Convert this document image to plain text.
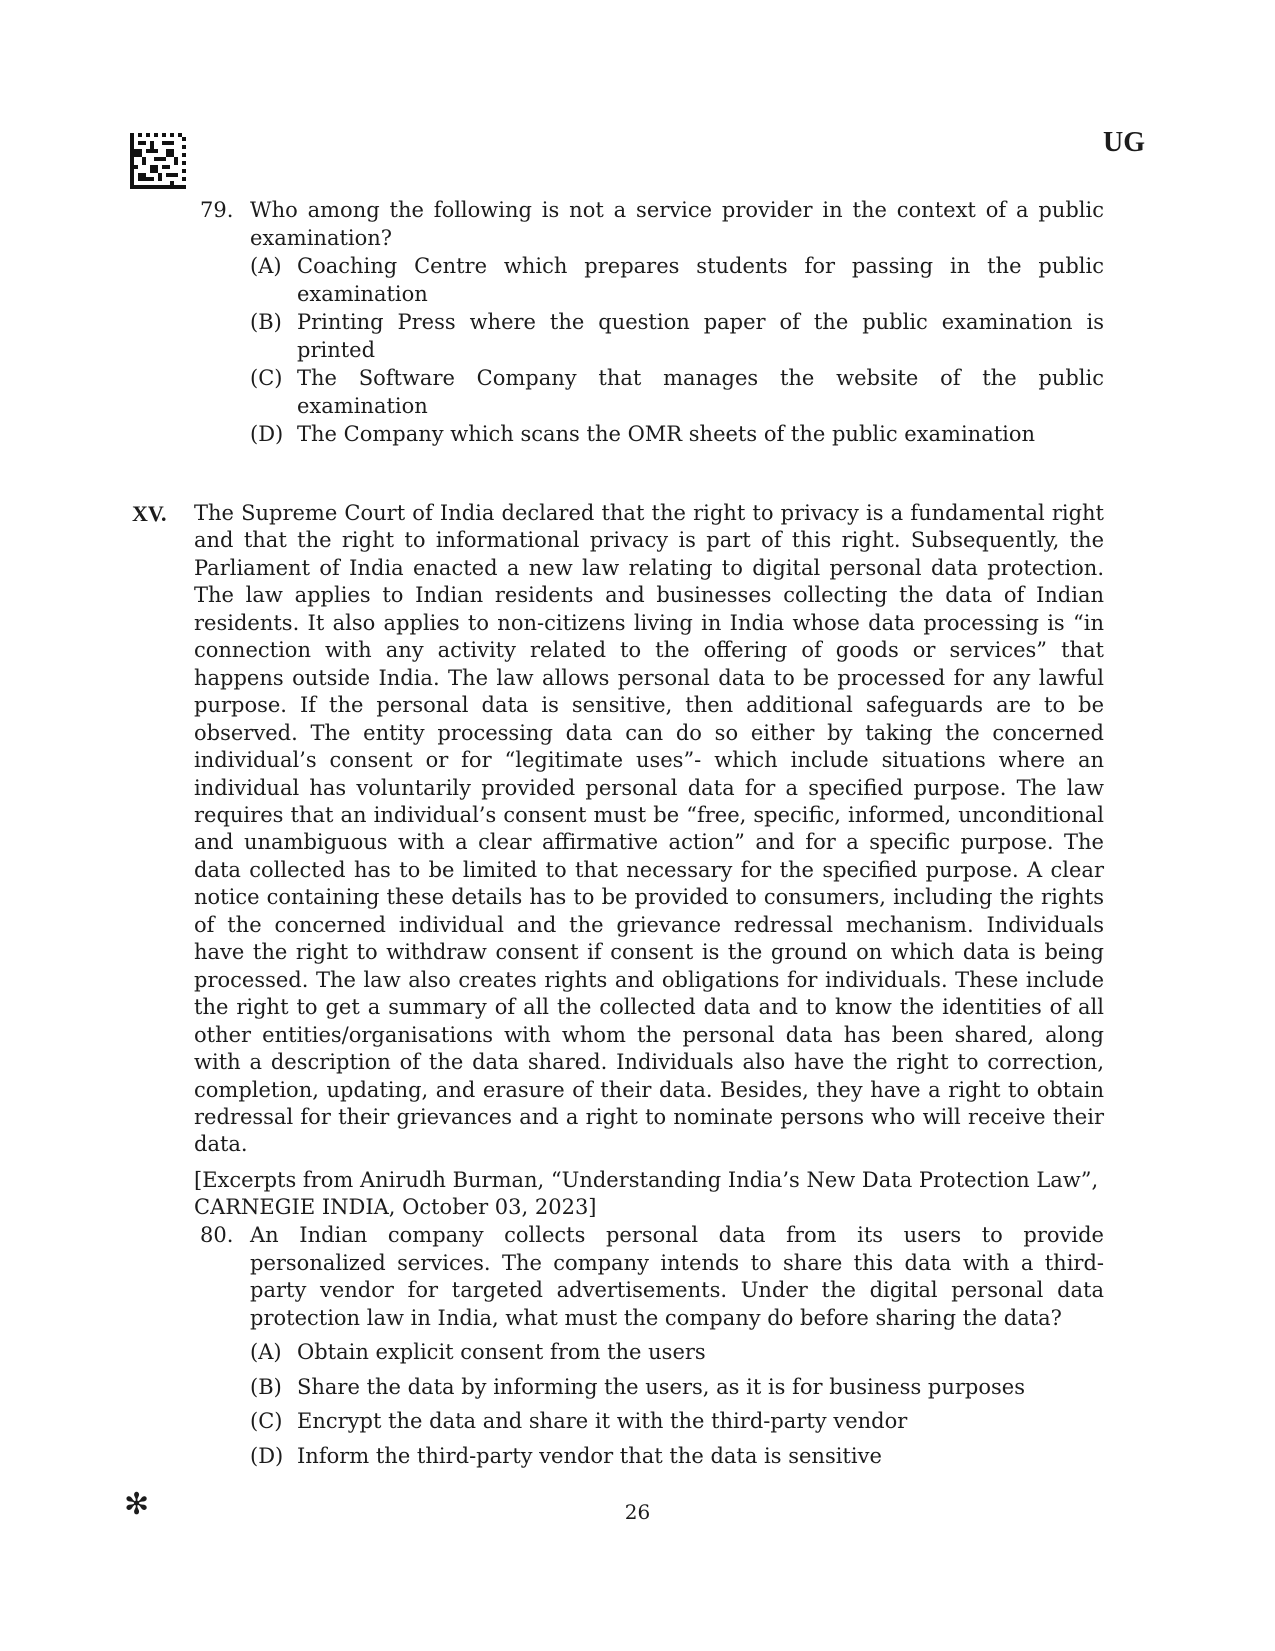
UG
79. Who among the following is not a service provider in the context of a public examination?
(A) Coaching Centre which prepares students for passing in the public examination
(B) Printing Press where the question paper of the public examination is printed
(C) The Software Company that manages the website of the public examination
(D) The Company which scans the OMR sheets of the public examination
XV. The Supreme Court of India declared that the right to privacy is a fundamental right and that the right to informational privacy is part of this right. Subsequently, the Parliament of India enacted a new law relating to digital personal data protection. The law applies to Indian residents and businesses collecting the data of Indian residents. It also applies to non-citizens living in India whose data processing is “in connection with any activity related to the offering of goods or services” that happens outside India. The law allows personal data to be processed for any lawful purpose. If the personal data is sensitive, then additional safeguards are to be observed. The entity processing data can do so either by taking the concerned individual’s consent or for “legitimate uses”- which include situations where an individual has voluntarily provided personal data for a specified purpose. The law requires that an individual’s consent must be “free, specific, informed, unconditional and unambiguous with a clear affirmative action” and for a specific purpose. The data collected has to be limited to that necessary for the specified purpose. A clear notice containing these details has to be provided to consumers, including the rights of the concerned individual and the grievance redressal mechanism. Individuals have the right to withdraw consent if consent is the ground on which data is being processed. The law also creates rights and obligations for individuals. These include the right to get a summary of all the collected data and to know the identities of all other entities/organisations with whom the personal data has been shared, along with a description of the data shared. Individuals also have the right to correction, completion, updating, and erasure of their data. Besides, they have a right to obtain redressal for their grievances and a right to nominate persons who will receive their data.
[Excerpts from Anirudh Burman, “Understanding India’s New Data Protection Law”,
CARNEGIE INDIA, October 03, 2023]
80. An Indian company collects personal data from its users to provide personalized services. The company intends to share this data with a third-party vendor for targeted advertisements. Under the digital personal data protection law in India, what must the company do before sharing the data?
(A) Obtain explicit consent from the users
(B) Share the data by informing the users, as it is for business purposes
(C) Encrypt the data and share it with the third-party vendor
(D) Inform the third-party vendor that the data is sensitive
✻	26
